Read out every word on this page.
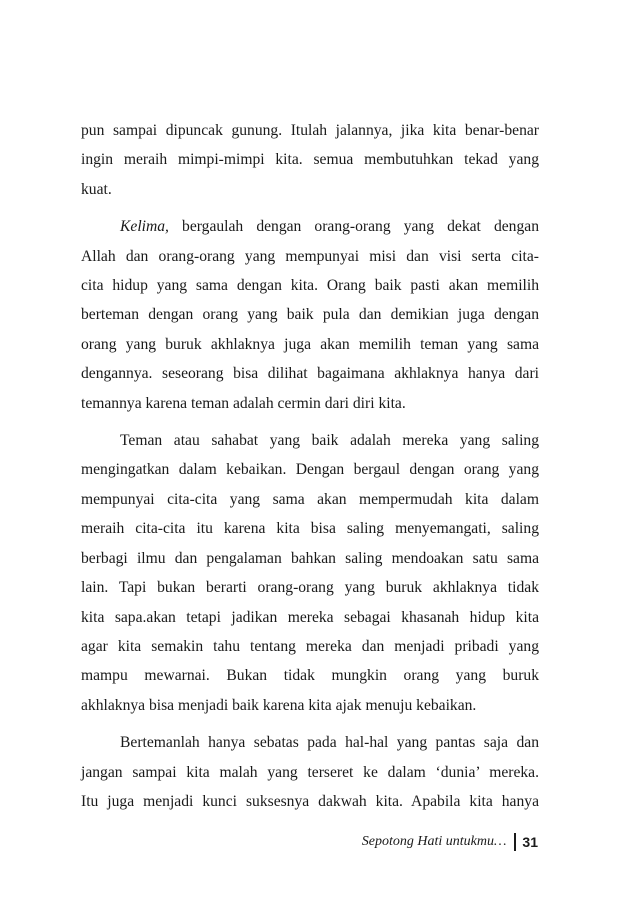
pun sampai dipuncak gunung. Itulah jalannya, jika kita benar-benar
ingin meraih mimpi-mimpi kita. semua membutuhkan tekad yang
kuat.

Kelima, bergaulah dengan orang-orang yang dekat dengan
Allah dan orang-orang yang mempunyai misi dan visi serta cita-
cita hidup yang sama dengan kita. Orang baik pasti akan memilih
berteman dengan orang yang baik pula dan demikian juga dengan
orang yang buruk akhlaknya juga akan memilih teman yang sama
dengannya. seseorang bisa dilihat bagaimana akhlaknya hanya dari
temannya karena teman adalah cermin dari diri kita.

Teman atau sahabat yang baik adalah mereka yang saling
mengingatkan dalam kebaikan. Dengan bergaul dengan orang yang
mempunyai cita-cita yang sama akan mempermudah kita dalam
meraih cita-cita itu karena kita bisa saling menyemangati, saling
berbagi ilmu dan pengalaman bahkan saling mendoakan satu sama
lain. Tapi bukan berarti orang-orang yang buruk akhlaknya tidak
kita sapa.akan tetapi jadikan mereka sebagai khasanah hidup kita
agar kita semakin tahu tentang mereka dan menjadi pribadi yang
mampu mewarnai. Bukan tidak mungkin orang yang buruk
akhlaknya bisa menjadi baik karena kita ajak menuju kebaikan.

Bertemanlah hanya sebatas pada hal-hal yang pantas saja dan
jangan sampai kita malah yang terseret ke dalam ‘dunia’ mereka.
Itu juga menjadi kunci suksesnya dakwah kita. Apabila kita hanya

Sepotong Hati untukmu… 31
